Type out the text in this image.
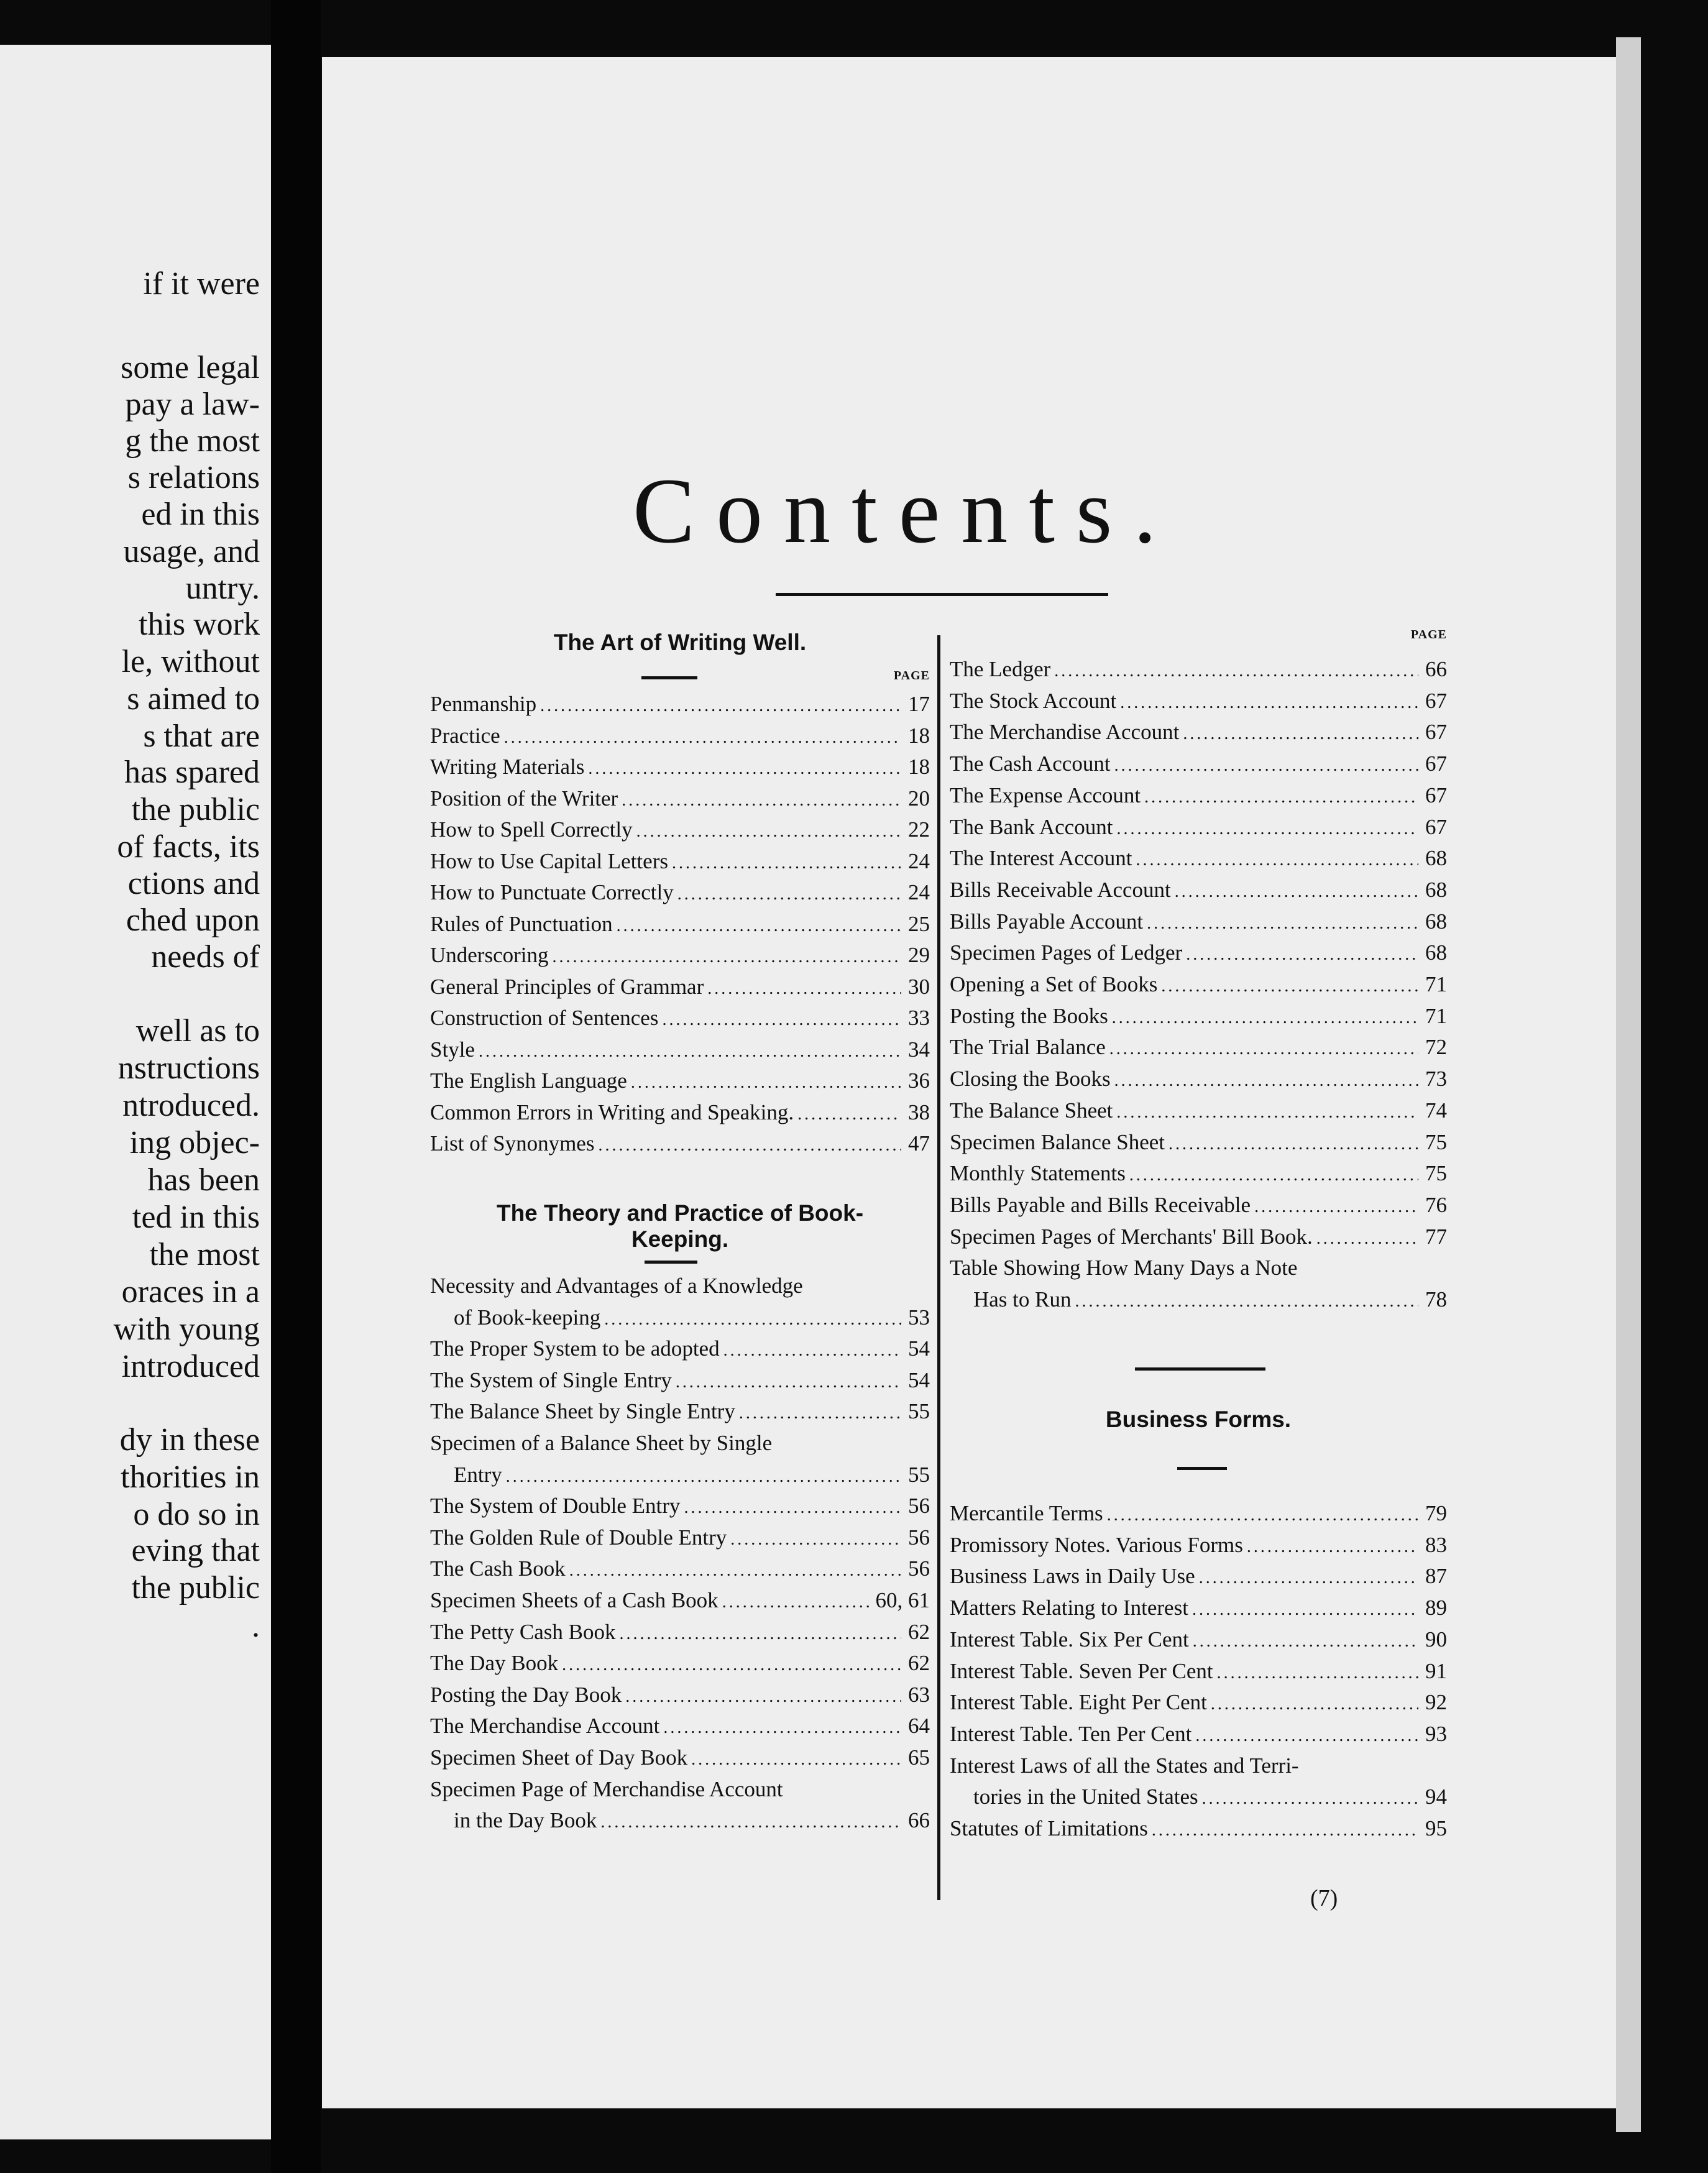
if it were
some legal
pay a law-
g the most
s relations
ed in this
usage, and
untry.
this work
le, without
s aimed to
s that are
has spared
the public
of facts, its
ctions and
ched upon
needs of
well as to
nstructions
ntroduced.
ing objec-
has been
ted in this
the most
oraces in a
with young
introduced
dy in these
thorities in
o do so in
eving that
the public
.
Contents.
The Art of Writing Well.
PAGE
Penmanship .....	17
Practice .....	18
Writing Materials .....	18
Position of the Writer .....	20
How to Spell Correctly .....	22
How to Use Capital Letters .....	24
How to Punctuate Correctly .....	24
Rules of Punctuation .....	25
Underscoring .....	29
General Principles of Grammar .....	30
Construction of Sentences .....	33
Style .....	34
The English Language .....	36
Common Errors in Writing and Speaking. .....	38
List of Synonymes .....	47
The Theory and Practice of Book-
Keeping.
Necessity and Advantages of a Knowledge
of Book-keeping .....	53
The Proper System to be adopted .....	54
The System of Single Entry .....	54
The Balance Sheet by Single Entry .....	55
Specimen of a Balance Sheet by Single
Entry .....	55
The System of Double Entry .....	56
The Golden Rule of Double Entry .....	56
The Cash Book .....	56
Specimen Sheets of a Cash Book .....	60, 61
The Petty Cash Book .....	62
The Day Book .....	62
Posting the Day Book .....	63
The Merchandise Account .....	64
Specimen Sheet of Day Book .....	65
Specimen Page of Merchandise Account
in the Day Book .....	66
PAGE
The Ledger .....	66
The Stock Account .....	67
The Merchandise Account .....	67
The Cash Account .....	67
The Expense Account .....	67
The Bank Account .....	67
The Interest Account .....	68
Bills Receivable Account .....	68
Bills Payable Account .....	68
Specimen Pages of Ledger .....	68
Opening a Set of Books .....	71
Posting the Books .....	71
The Trial Balance .....	72
Closing the Books .....	73
The Balance Sheet .....	74
Specimen Balance Sheet .....	75
Monthly Statements .....	75
Bills Payable and Bills Receivable .....	76
Specimen Pages of Merchants' Bill Book. .....	77
Table Showing How Many Days a Note
Has to Run .....	78
Business Forms.
Mercantile Terms .....	79
Promissory Notes. Various Forms .....	83
Business Laws in Daily Use .....	87
Matters Relating to Interest .....	89
Interest Table. Six Per Cent .....	90
Interest Table. Seven Per Cent .....	91
Interest Table. Eight Per Cent .....	92
Interest Table. Ten Per Cent .....	93
Interest Laws of all the States and Terri-
tories in the United States .....	94
Statutes of Limitations .....	95
(7)
